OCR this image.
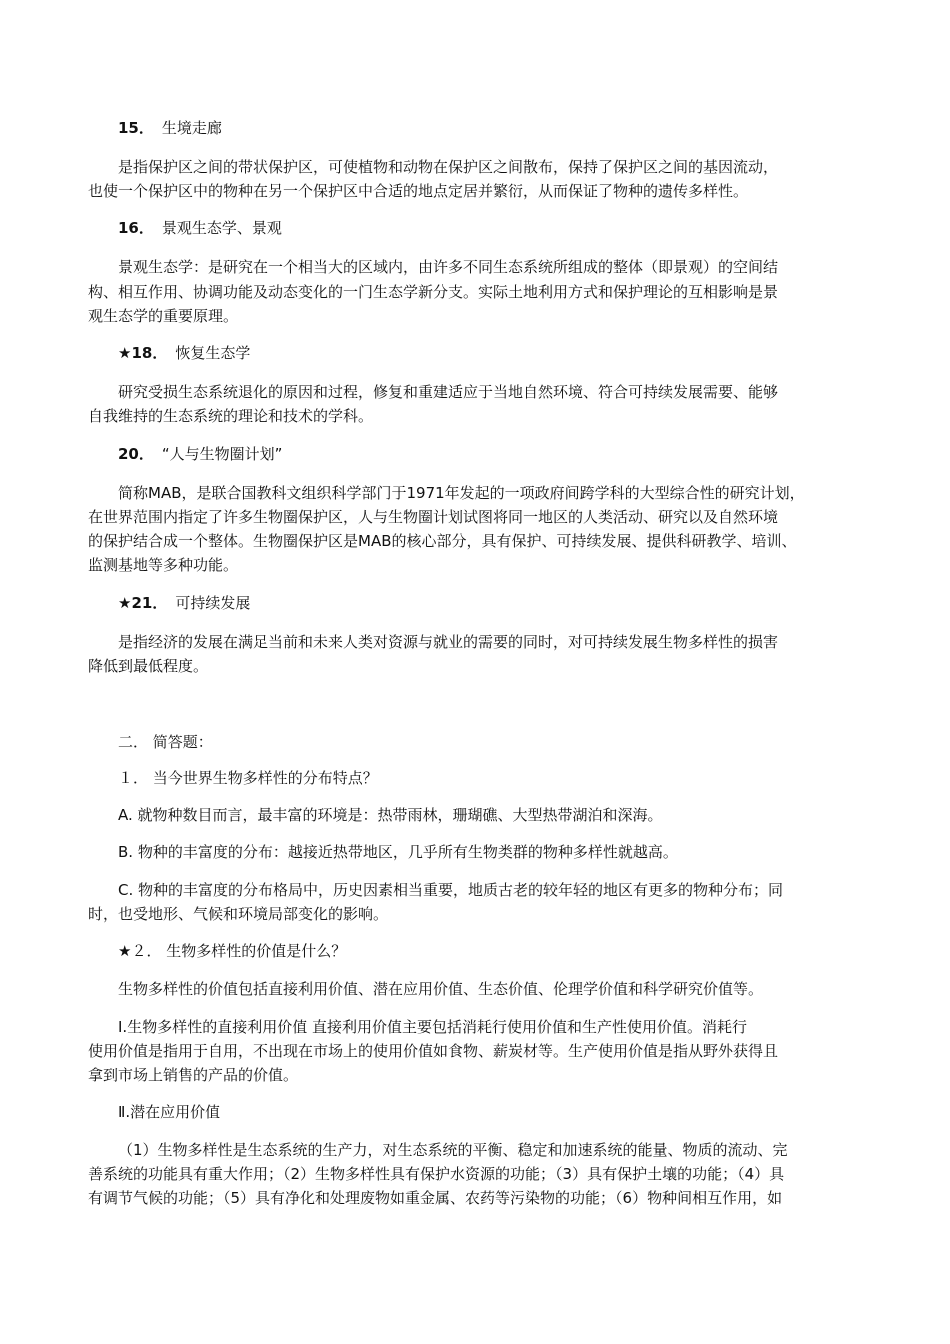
15． 生境走廊
是指保护区之间的带状保护区，可使植物和动物在保护区之间散布，保持了保护区之间的基因流动，
也使一个保护区中的物种在另一个保护区中合适的地点定居并繁衍，从而保证了物种的遗传多样性。
16． 景观生态学、景观
景观生态学：是研究在一个相当大的区域内，由许多不同生态系统所组成的整体（即景观）的空间结
构、相互作用、协调功能及动态变化的一门生态学新分支。实际土地利用方式和保护理论的互相影响是景
观生态学的重要原理。
★18． 恢复生态学
研究受损生态系统退化的原因和过程，修复和重建适应于当地自然环境、符合可持续发展需要、能够
自我维持的生态系统的理论和技术的学科。
20． “人与生物圈计划”
简称MAB，是联合国教科文组织科学部门于1971年发起的一项政府间跨学科的大型综合性的研究计划，
在世界范围内指定了许多生物圈保护区，人与生物圈计划试图将同一地区的人类活动、研究以及自然环境
的保护结合成一个整体。生物圈保护区是MAB的核心部分，具有保护、可持续发展、提供科研教学、培训、
监测基地等多种功能。
★21． 可持续发展
是指经济的发展在满足当前和未来人类对资源与就业的需要的同时，对可持续发展生物多样性的损害
降低到最低程度。
二． 简答题：
１． 当今世界生物多样性的分布特点？
A. 就物种数目而言，最丰富的环境是：热带雨林，珊瑚礁、大型热带湖泊和深海。
B. 物种的丰富度的分布：越接近热带地区，几乎所有生物类群的物种多样性就越高。
C. 物种的丰富度的分布格局中，历史因素相当重要，地质古老的较年轻的地区有更多的物种分布；同
时，也受地形、气候和环境局部变化的影响。
★２． 生物多样性的价值是什么？
生物多样性的价值包括直接利用价值、潜在应用价值、生态价值、伦理学价值和科学研究价值等。
Ⅰ.生物多样性的直接利用价值 直接利用价值主要包括消耗行使用价值和生产性使用价值。消耗行
使用价值是指用于自用，不出现在市场上的使用价值如食物、薪炭材等。生产使用价值是指从野外获得且
拿到市场上销售的产品的价值。
Ⅱ.潜在应用价值
（1）生物多样性是生态系统的生产力，对生态系统的平衡、稳定和加速系统的能量、物质的流动、完
善系统的功能具有重大作用；（2）生物多样性具有保护水资源的功能；（3）具有保护土壤的功能；（4）具
有调节气候的功能；（5）具有净化和处理废物如重金属、农药等污染物的功能；（6）物种间相互作用，如
